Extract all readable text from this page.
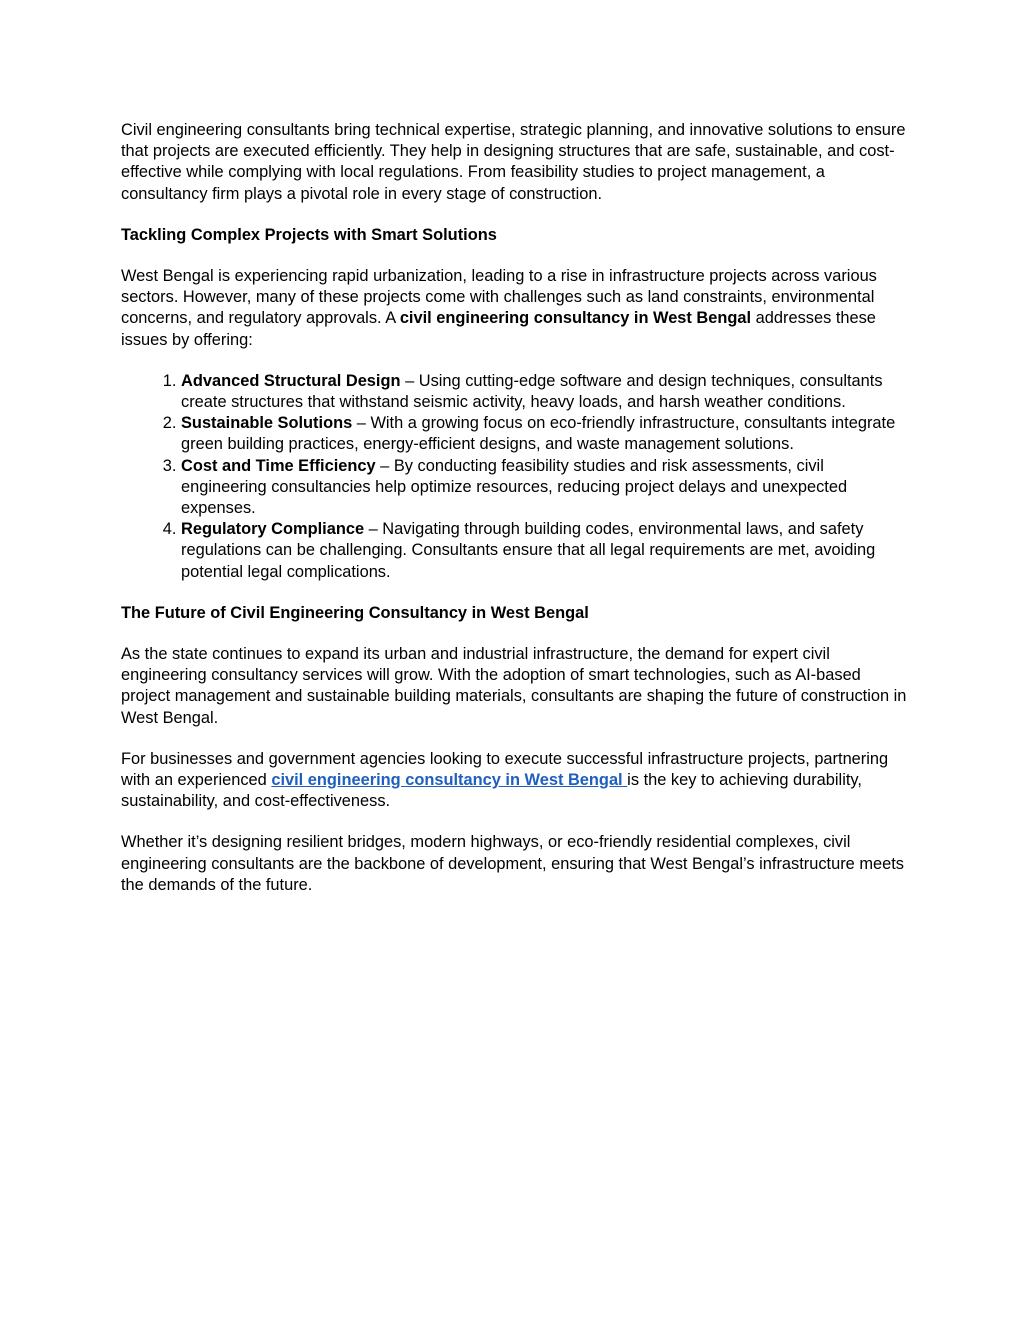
Civil engineering consultants bring technical expertise, strategic planning, and innovative solutions to ensure that projects are executed efficiently. They help in designing structures that are safe, sustainable, and cost-effective while complying with local regulations. From feasibility studies to project management, a consultancy firm plays a pivotal role in every stage of construction.

Tackling Complex Projects with Smart Solutions

West Bengal is experiencing rapid urbanization, leading to a rise in infrastructure projects across various sectors. However, many of these projects come with challenges such as land constraints, environmental concerns, and regulatory approvals. A civil engineering consultancy in West Bengal addresses these issues by offering:

1. Advanced Structural Design – Using cutting-edge software and design techniques, consultants create structures that withstand seismic activity, heavy loads, and harsh weather conditions.
2. Sustainable Solutions – With a growing focus on eco-friendly infrastructure, consultants integrate green building practices, energy-efficient designs, and waste management solutions.
3. Cost and Time Efficiency – By conducting feasibility studies and risk assessments, civil engineering consultancies help optimize resources, reducing project delays and unexpected expenses.
4. Regulatory Compliance – Navigating through building codes, environmental laws, and safety regulations can be challenging. Consultants ensure that all legal requirements are met, avoiding potential legal complications.
The Future of Civil Engineering Consultancy in West Bengal

As the state continues to expand its urban and industrial infrastructure, the demand for expert civil engineering consultancy services will grow. With the adoption of smart technologies, such as AI-based project management and sustainable building materials, consultants are shaping the future of construction in West Bengal.

For businesses and government agencies looking to execute successful infrastructure projects, partnering with an experienced civil engineering consultancy in West Bengal is the key to achieving durability, sustainability, and cost-effectiveness.

Whether it’s designing resilient bridges, modern highways, or eco-friendly residential complexes, civil engineering consultants are the backbone of development, ensuring that West Bengal’s infrastructure meets the demands of the future.
